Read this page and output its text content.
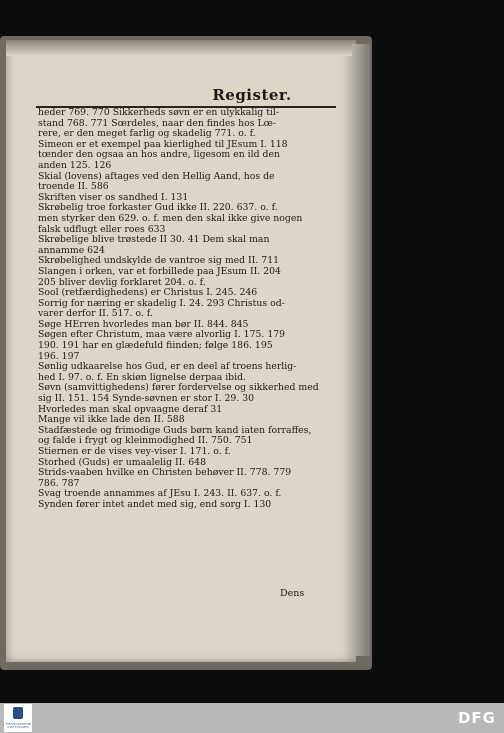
Register.
heder 769. 770 Sikkerheds søvn er en ulykkalig til-
stand 768. 771 Sœrdeles, naar den findes hos Lœ-
rere, er den meget farlig og skadelig 771. o. f.
Simeon er et exempel paa kierlighed til JEsum I. 118
tœnder den ogsaa an hos andre, ligesom en ild den
anden 125. 126
Skial (lovens) aftages ved den Hellig Aand, hos de
troende II. 586
Skriften viser os sandhed I. 131
Skrøbelig troe forkaster Gud ikke II. 220. 637. o. f.
men styrker den 629. o. f. men den skal ikke give nogen
falsk udflugt eller roes 633
Skrøbelige blive trøstede II 30. 41 Dem skal man
annamme 624
Skrøbelighed undskylde de vantroe sig med II. 711
Slangen i orken, var et forbillede paa JEsum II. 204
205 bliver devlig forklaret 204. o. f.
Sool (retfærdighedens) er Christus I. 245. 246
Sorrig for næring er skadelig I. 24. 293 Christus od-
varer derfor II. 517. o. f.
Søge HErren hvorledes man bør II. 844. 845
Søgen efter Christum, maa være alvorlig I. 175. 179
190. 191 har en glædefuld fiinden; følge 186. 195
196. 197
Sønlig udkaarelse hos Gud, er en deel af troens herlig-
hed I. 97. o. f. En skiøn lignelse derpaa ibid.
Søvn (samvittighedens) fører fordervelse og sikkerhed med
sig II. 151. 154 Synde-søvnen er stor I. 29. 30
Hvorledes man skal opvaagne deraf 31
Mange vil ikke lade den II. 588
Stadfæstede og frimodige Guds børn kand iaten forraffes,
og falde i frygt og kleinmodighed II. 750. 751
Stiernen er de vises vey-viser I. 171. o. f.
Storhed (Guds) er umaalelig II. 648
Strids-vaaben hvilke en Christen behøver II. 778. 779
786. 787
Svag troende annammes af JEsu I. 243. II. 637. o. f.
Synden fører intet andet med sig, end sorg I. 130
Dens
FRANCKESCHE STIFTUNGEN	DFG
